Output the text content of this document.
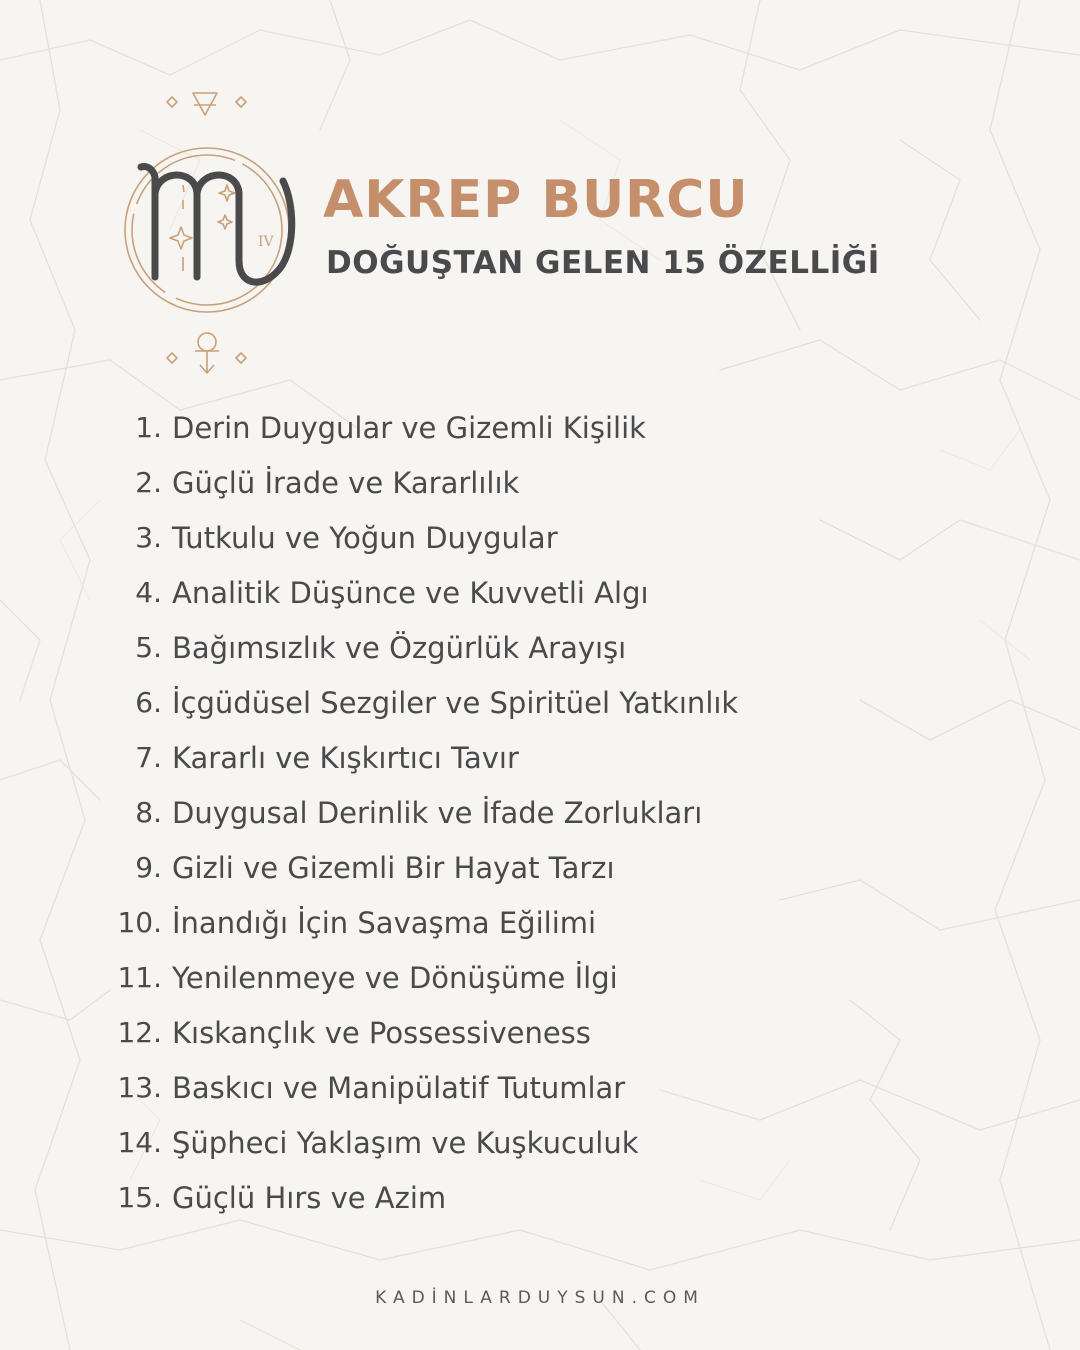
IV
AKREP BURCU
DOĞUŞTAN GELEN 15 ÖZELLİĞİ
1. Derin Duygular ve Gizemli Kişilik
2. Güçlü İrade ve Kararlılık
3. Tutkulu ve Yoğun Duygular
4. Analitik Düşünce ve Kuvvetli Algı
5. Bağımsızlık ve Özgürlük Arayışı
6. İçgüdüsel Sezgiler ve Spiritüel Yatkınlık
7. Kararlı ve Kışkırtıcı Tavır
8. Duygusal Derinlik ve İfade Zorlukları
9. Gizli ve Gizemli Bir Hayat Tarzı
10. İnandığı İçin Savaşma Eğilimi
11. Yenilenmeye ve Dönüşüme İlgi
12. Kıskançlık ve Possessiveness
13. Baskıcı ve Manipülatif Tutumlar
14. Şüpheci Yaklaşım ve Kuşkuculuk
15. Güçlü Hırs ve Azim
KADİNLARDUYSUN.COM
